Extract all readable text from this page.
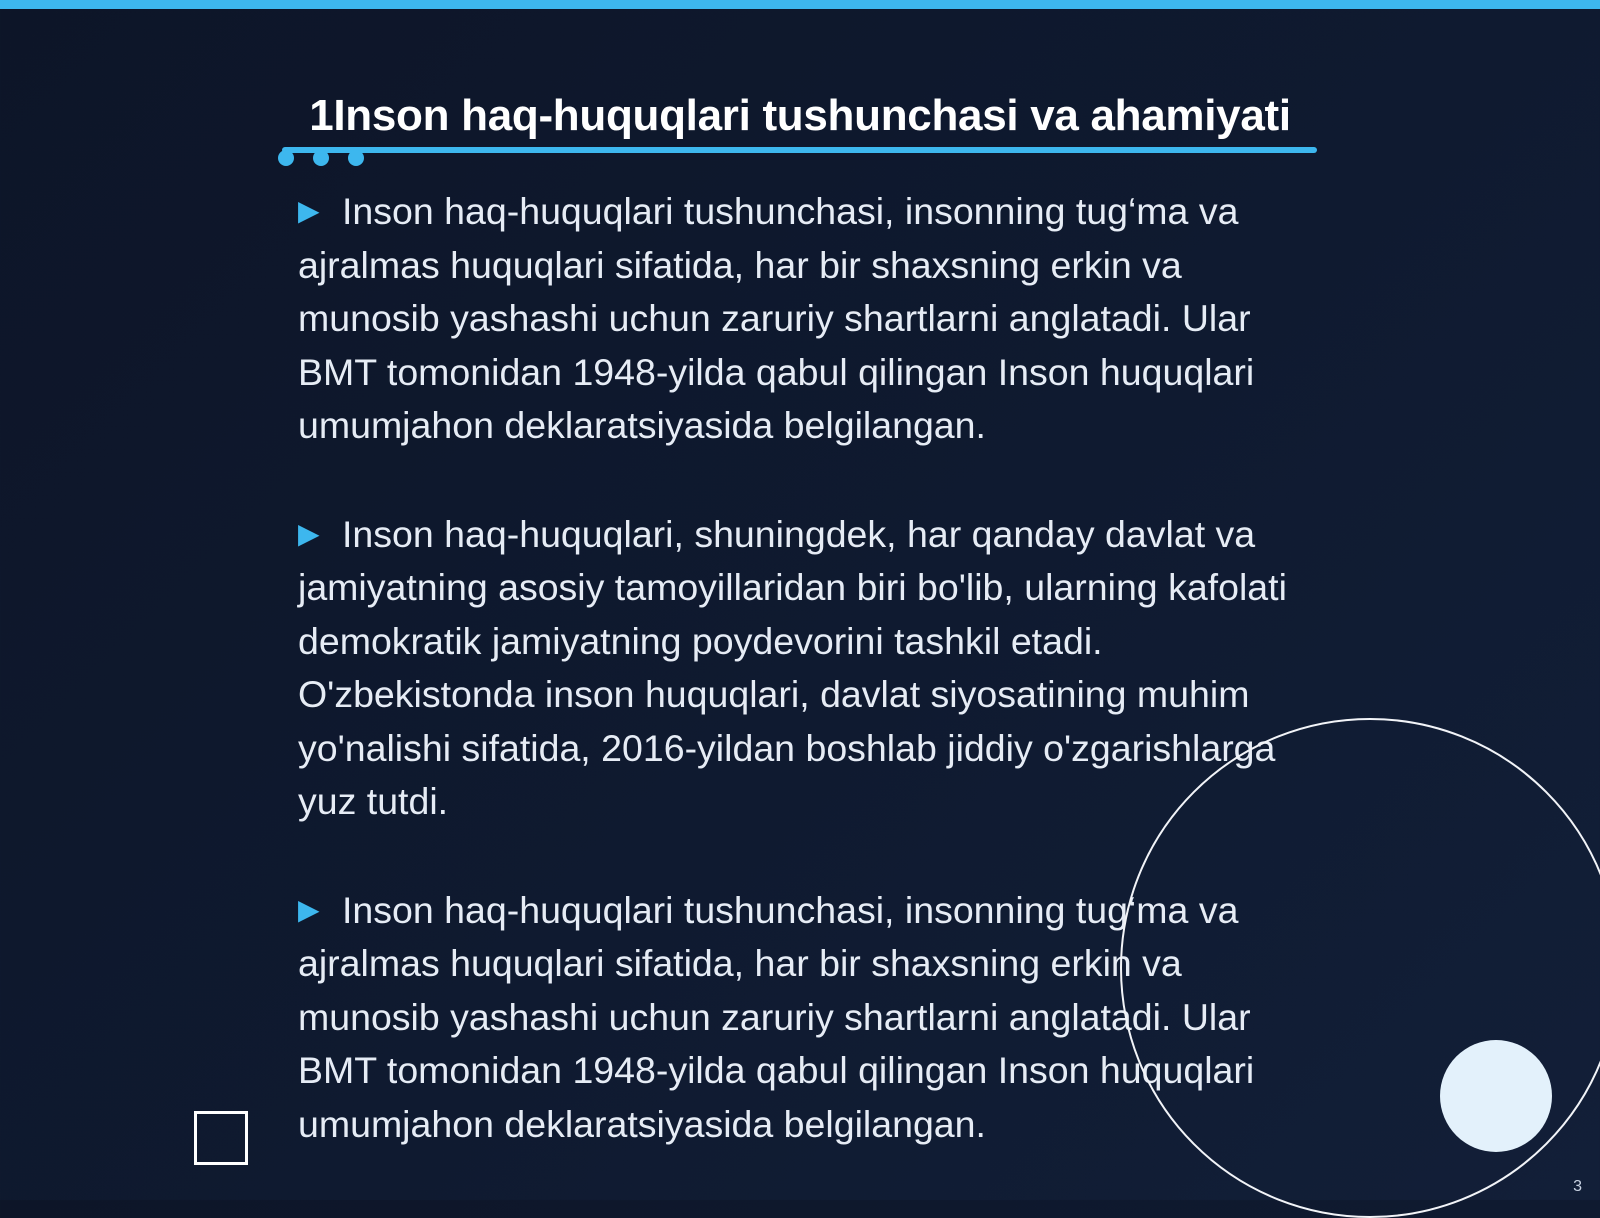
1Inson haq-huquqlari tushunchasi va ahamiyati

▶ Inson haq-huquqlari tushunchasi, insonning tug‘ma va ajralmas huquqlari sifatida, har bir shaxsning erkin va munosib yashashi uchun zaruriy shartlarni anglatadi. Ular BMT tomonidan 1948-yilda qabul qilingan Inson huquqlari umumjahon deklaratsiyasida belgilangan.

▶ Inson haq-huquqlari, shuningdek, har qanday davlat va jamiyatning asosiy tamoyillaridan biri bo'lib, ularning kafolati demokratik jamiyatning poydevorini tashkil etadi. O'zbekistonda inson huquqlari, davlat siyosatining muhim yo'nalishi sifatida, 2016-yildan boshlab jiddiy o'zgarishlarga yuz tutdi.

▶ Inson haq-huquqlari tushunchasi, insonning tug‘ma va ajralmas huquqlari sifatida, har bir shaxsning erkin va munosib yashashi uchun zaruriy shartlarni anglatadi. Ular BMT tomonidan 1948-yilda qabul qilingan Inson huquqlari umumjahon deklaratsiyasida belgilangan.

3
